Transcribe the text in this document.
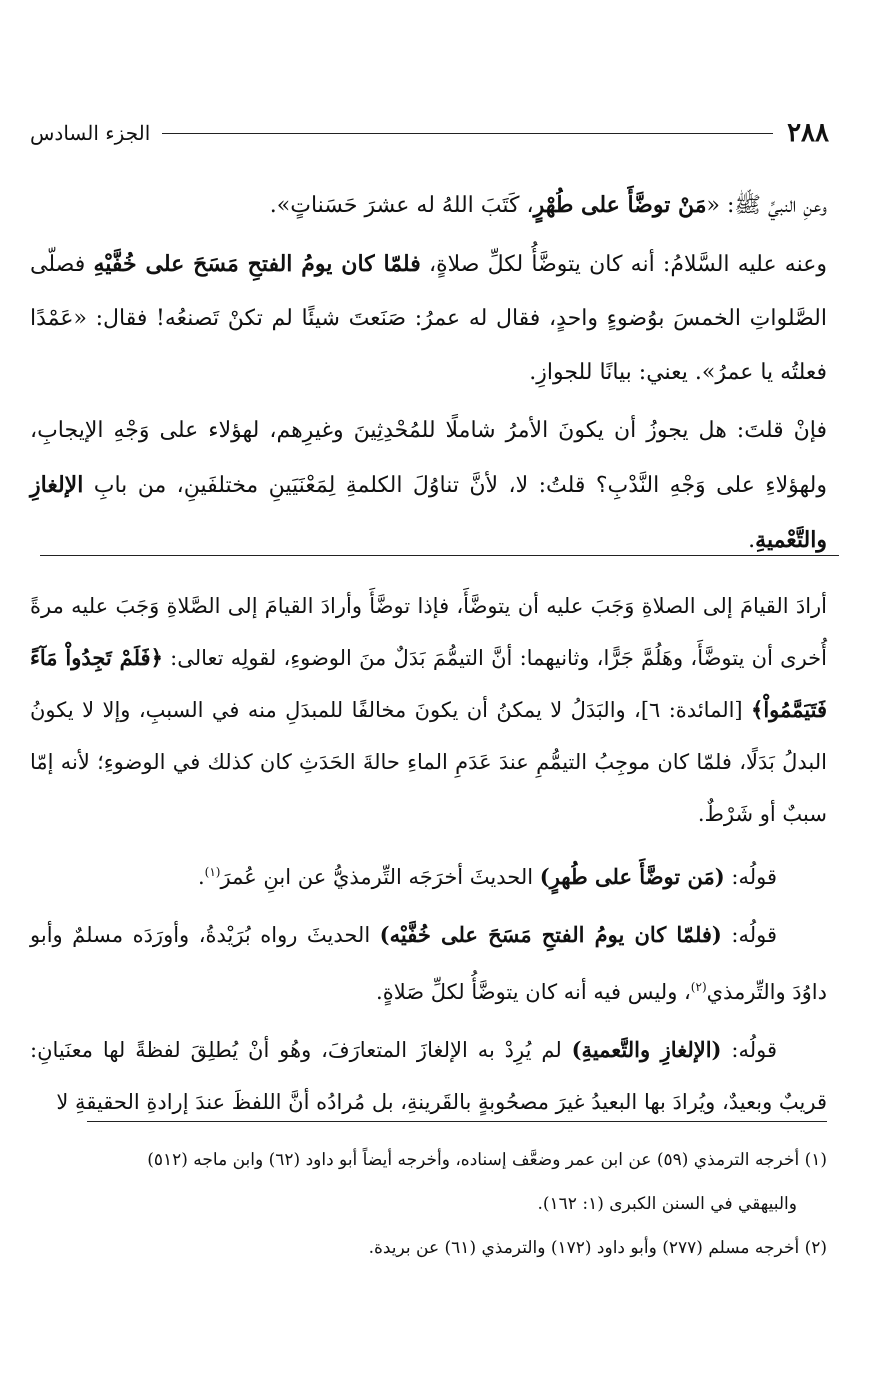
٢٨٨
الجزء السادس

وعنِ النبيِّ ﷺ: «مَنْ توضَّأَ على طُهْرٍ، كَتَبَ اللهُ له عشرَ حَسَناتٍ».

وعنه عليه السَّلامُ: أنه كان يتوضَّأُ لكلِّ صلاةٍ، فلمّا كان يومُ الفتحِ مَسَحَ على خُفَّيْهِ فصلّى الصَّلواتِ الخمسَ بوُضوءٍ واحدٍ، فقال له عمرُ: صَنَعتَ شيئًا لم تكنْ تَصنعُه! فقال: «عَمْدًا فعلتُه يا عمرُ». يعني: بيانًا للجوازِ.

فإنْ قلتَ: هل يجوزُ أن يكونَ الأمرُ شاملًا للمُحْدِثِينَ وغيرِهم، لهؤلاء على وَجْهِ الإيجابِ، ولهؤلاءِ على وَجْهِ النَّدْبِ؟ قلتُ: لا، لأنَّ تناوُلَ الكلمةِ لِمَعْنَيَينِ مختلفَينِ، من بابِ الإلغازِ والتَّعْميةِ.

أرادَ القيامَ إلى الصلاةِ وَجَبَ عليه أن يتوضَّأَ، فإذا توضَّأَ وأرادَ القيامَ إلى الصَّلاةِ وَجَبَ عليه مرةً أُخرى أن يتوضَّأَ، وهَلُمَّ جَرًّا، وثانيهما: أنَّ التيمُّمَ بَدَلٌ منَ الوضوءِ، لقولِه تعالى: ﴿فَلَمْ تَجِدُواْ مَآءً فَتَيَمَّمُواْ﴾ [المائدة: ٦]، والبَدَلُ لا يمكنُ أن يكونَ مخالفًا للمبدَلِ منه في السببِ، وإلا لا يكونُ البدلُ بَدَلًا، فلمّا كان موجِبُ التيمُّمِ عندَ عَدَمِ الماءِ حالةَ الحَدَثِ كان كذلك في الوضوءِ؛ لأنه إمّا سببٌ أو شَرْطٌ.

قولُه: (مَن توضَّأَ على طُهرٍ) الحديثَ أخرَجَه التِّرمذيُّ عن ابنِ عُمرَ$^{(١)}$.

قولُه: (فلمّا كان يومُ الفتحِ مَسَحَ على خُفَّيْه) الحديثَ رواه بُرَيْدةُ، وأورَدَه مسلمٌ وأبو داوُدَ والتِّرمذي$^{(٢)}$، وليس فيه أنه كان يتوضَّأُ لكلِّ صَلاةٍ.

قولُه: (الإلغازِ والتَّعميةِ) لم يُرِدْ به الإلغازَ المتعارَفَ، وهُو أنْ يُطلِقَ لفظةً لها معنَيانِ: قريبٌ وبعيدٌ، ويُرادَ بها البعيدُ غيرَ مصحُوبةٍ بالقَرينةِ، بل مُرادُه أنَّ اللفظَ عندَ إرادةِ الحقيقةِ لا

(١) أخرجه الترمذي (٥٩) عن ابن عمر وضعَّف إسناده، وأخرجه أيضاً أبو داود (٦٢) وابن ماجه (٥١٢)

والبيهقي في السنن الكبرى (١: ١٦٢).

(٢) أخرجه مسلم (٢٧٧) وأبو داود (١٧٢) والترمذي (٦١) عن بريدة.
